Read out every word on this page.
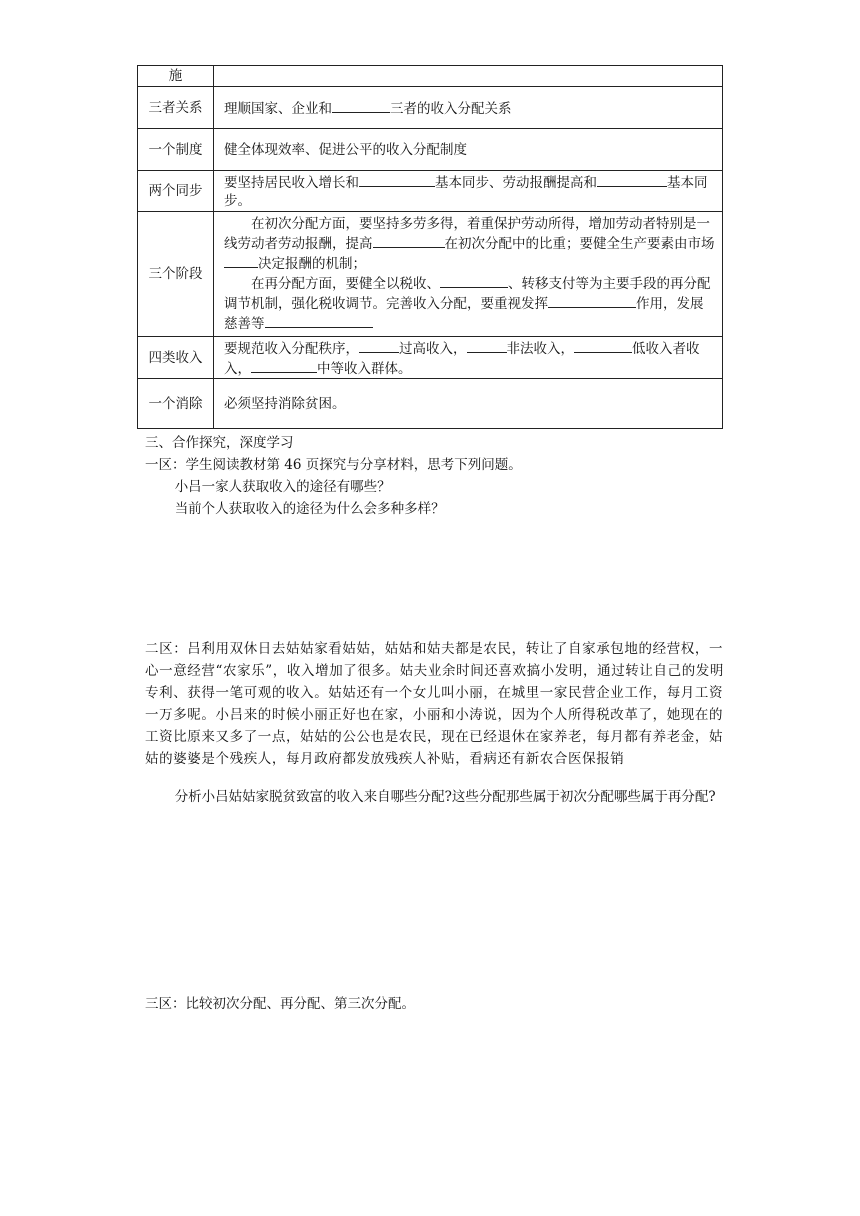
施	
三者关系	理顺国家、企业和 三者的收入分配关系
一个制度	健全体现效率、促进公平的收入分配制度
两个同步	要坚持居民收入增长和 基本同步、劳动报酬提高和 基本同步。
三个阶段	在初次分配方面，要坚持多劳多得，着重保护劳动所得，增加劳动者特别是一线劳动者劳动报酬，提高 在初次分配中的比重；要健全生产要素由市场决定报酬的机制；
在再分配方面，要健全以税收、 、转移支付等为主要手段的再分配调节机制，强化税收调节。完善收入分配，要重视发挥 作用，发展慈善等

四类收入	要规范收入分配秩序， 过高收入， 非法收入， 低收入者收入， 中等收入群体。
一个消除	必须坚持消除贫困。
三、合作探究，深度学习
一区：学生阅读教材第 46 页探究与分享材料，思考下列问题。
小吕一家人获取收入的途径有哪些？
当前个人获取收入的途径为什么会多种多样？
二区：吕利用双休日去姑姑家看姑姑，姑姑和姑夫都是农民，转让了自家承包地的经营权，一心一意经营“农家乐”，收入增加了很多。姑夫业余时间还喜欢搞小发明，通过转让自己的发明专利、获得一笔可观的收入。姑姑还有一个女儿叫小丽，在城里一家民营企业工作，每月工资一万多呢。小吕来的时候小丽正好也在家，小丽和小涛说，因为个人所得税改革了，她现在的工资比原来又多了一点，姑姑的公公也是农民，现在已经退休在家养老，每月都有养老金，姑姑的婆婆是个残疾人，每月政府都发放残疾人补贴，看病还有新农合医保报销
分析小吕姑姑家脱贫致富的收入来自哪些分配?这些分配那些属于初次分配哪些属于再分配?
三区：比较初次分配、再分配、第三次分配。
